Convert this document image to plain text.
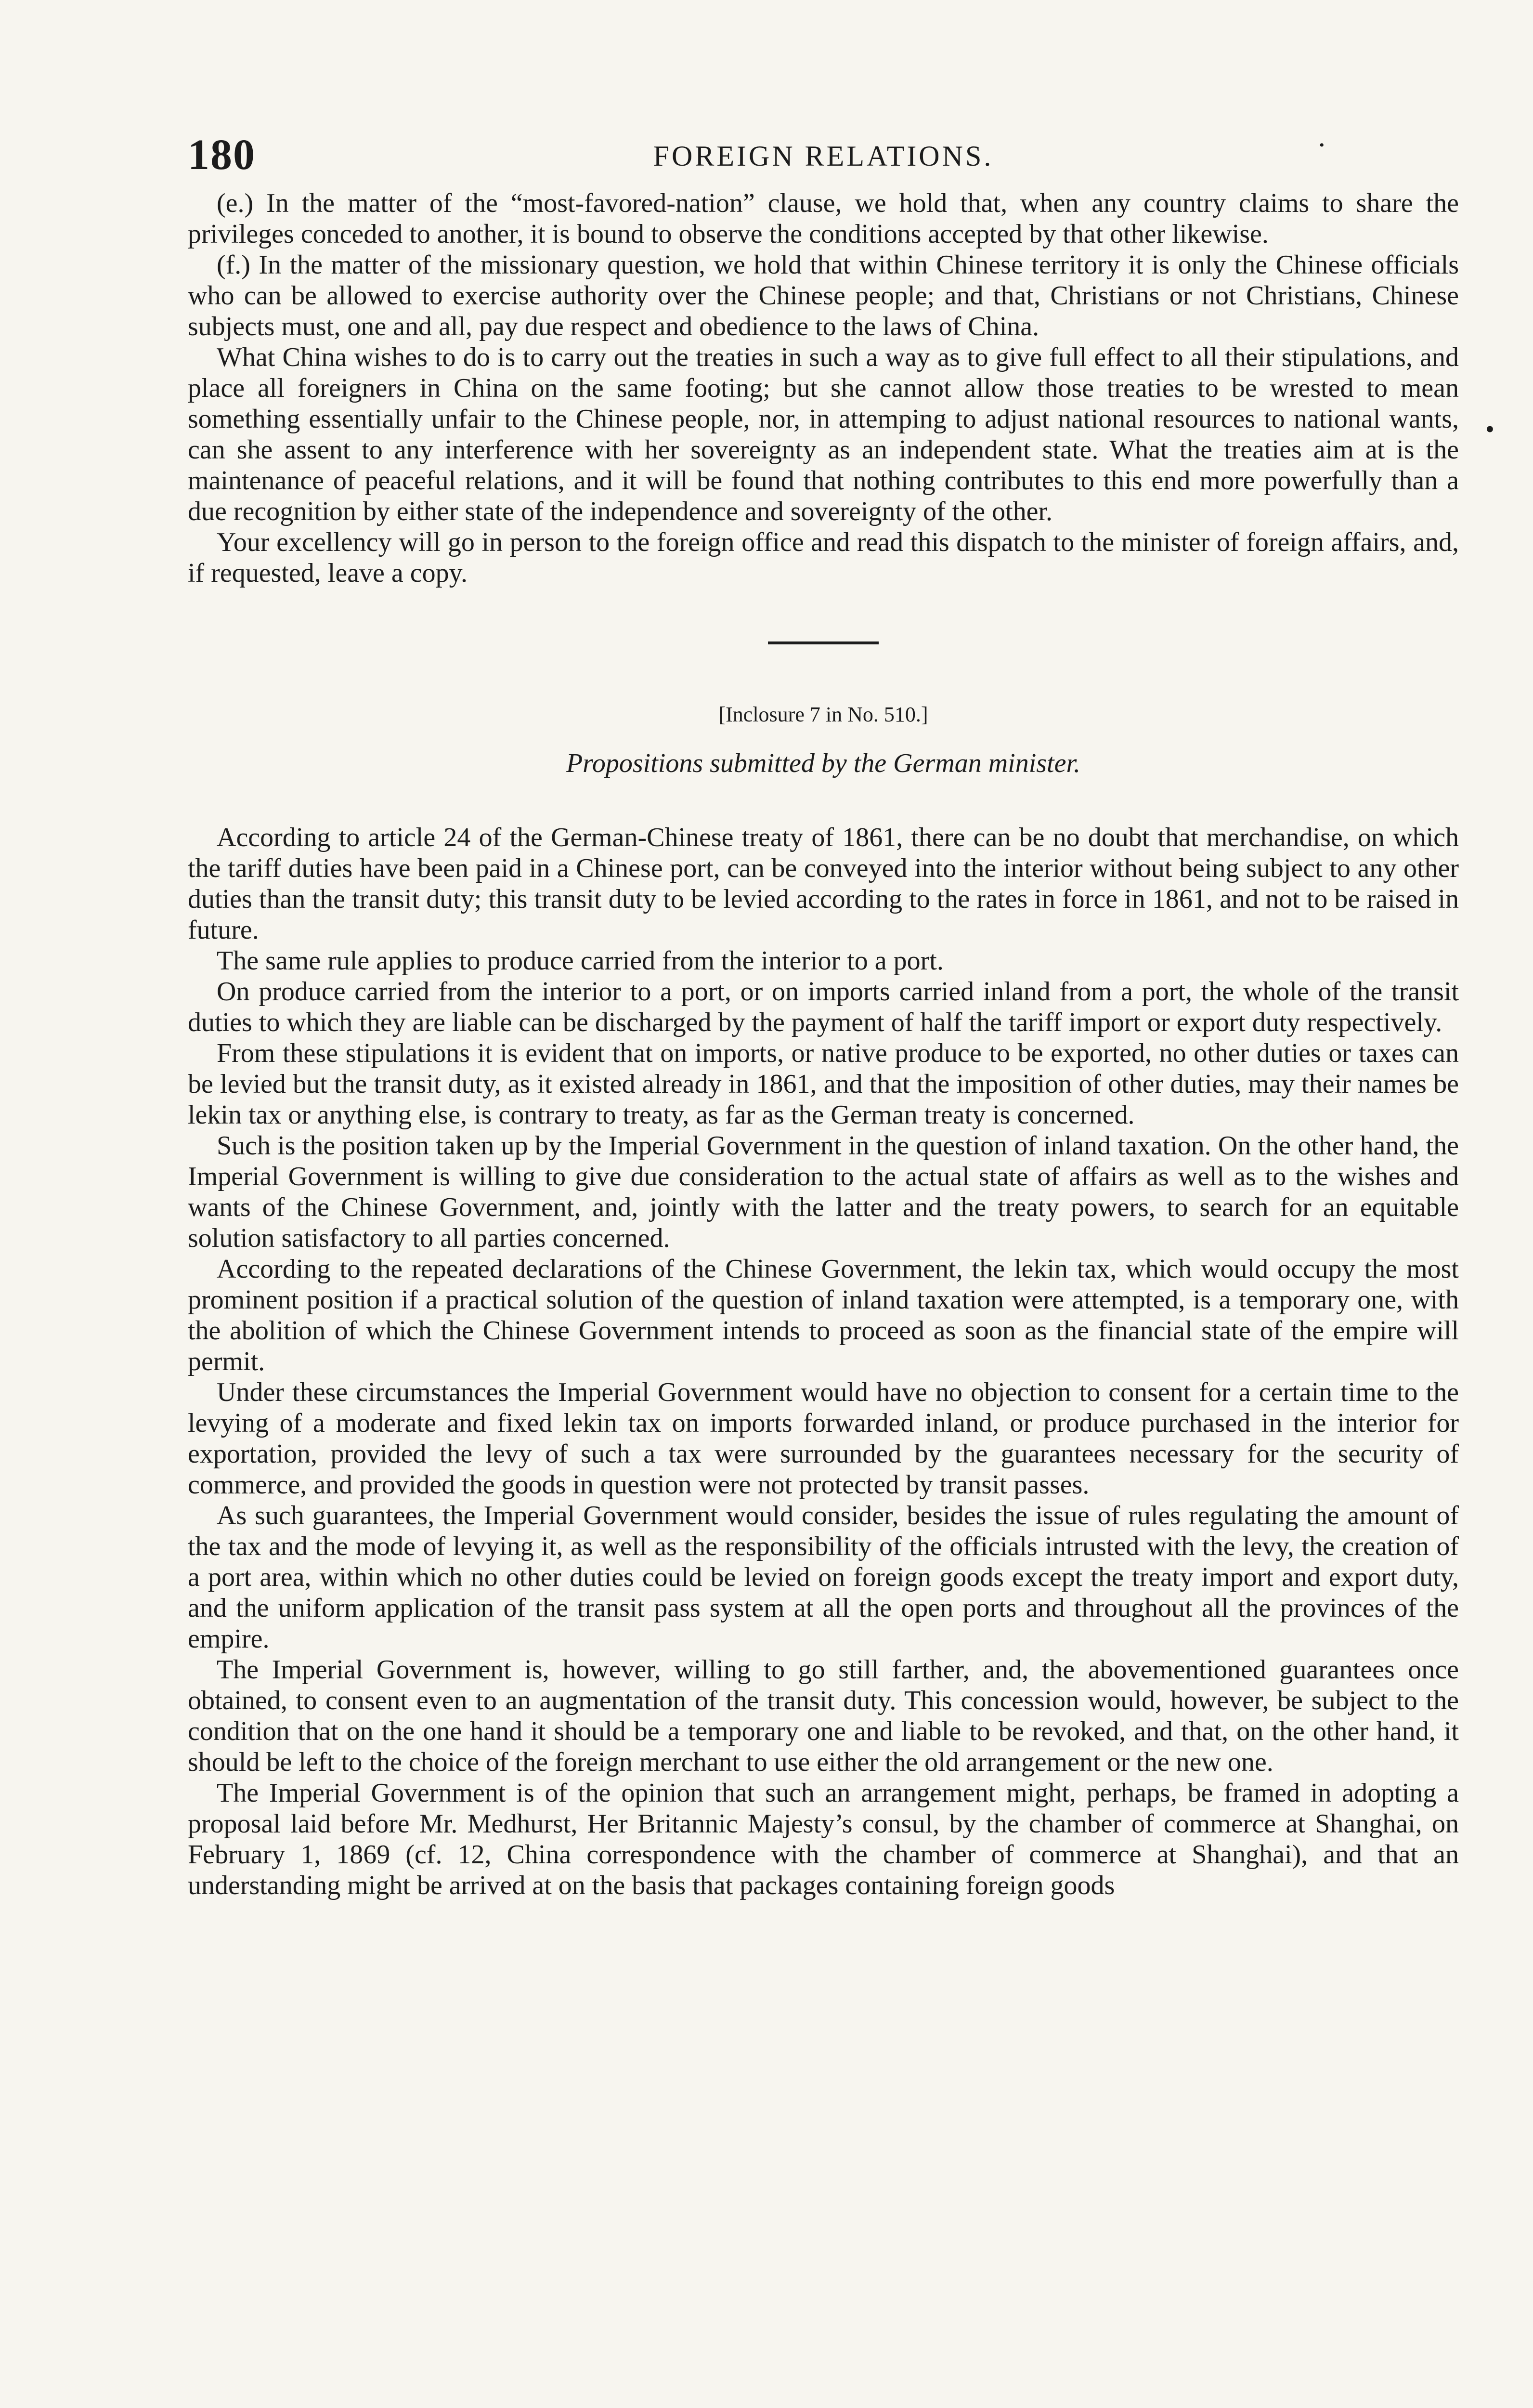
180	FOREIGN RELATIONS.

(e.) In the matter of the “most-favored-nation” clause, we hold that, when any country claims to share the privileges conceded to another, it is bound to observe the conditions accepted by that other likewise.

(f.) In the matter of the missionary question, we hold that within Chinese territory it is only the Chinese officials who can be allowed to exercise authority over the Chinese people; and that, Christians or not Christians, Chinese subjects must, one and all, pay due respect and obedience to the laws of China.

What China wishes to do is to carry out the treaties in such a way as to give full effect to all their stipulations, and place all foreigners in China on the same footing; but she cannot allow those treaties to be wrested to mean something essentially unfair to the Chinese people, nor, in attemping to adjust national resources to national wants, can she assent to any interference with her sovereignty as an independent state. What the treaties aim at is the maintenance of peaceful relations, and it will be found that nothing contributes to this end more powerfully than a due recognition by either state of the independence and sovereignty of the other.

Your excellency will go in person to the foreign office and read this dispatch to the minister of foreign affairs, and, if requested, leave a copy.

[Inclosure 7 in No. 510.]

Propositions submitted by the German minister.

According to article 24 of the German-Chinese treaty of 1861, there can be no doubt that merchandise, on which the tariff duties have been paid in a Chinese port, can be conveyed into the interior without being subject to any other duties than the transit duty; this transit duty to be levied according to the rates in force in 1861, and not to be raised in future.

The same rule applies to produce carried from the interior to a port.

On produce carried from the interior to a port, or on imports carried inland from a port, the whole of the transit duties to which they are liable can be discharged by the payment of half the tariff import or export duty respectively.

From these stipulations it is evident that on imports, or native produce to be exported, no other duties or taxes can be levied but the transit duty, as it existed already in 1861, and that the imposition of other duties, may their names be lekin tax or anything else, is contrary to treaty, as far as the German treaty is concerned.

Such is the position taken up by the Imperial Government in the question of inland taxation. On the other hand, the Imperial Government is willing to give due consideration to the actual state of affairs as well as to the wishes and wants of the Chinese Government, and, jointly with the latter and the treaty powers, to search for an equitable solution satisfactory to all parties concerned.

According to the repeated declarations of the Chinese Government, the lekin tax, which would occupy the most prominent position if a practical solution of the question of inland taxation were attempted, is a temporary one, with the abolition of which the Chinese Government intends to proceed as soon as the financial state of the empire will permit.

Under these circumstances the Imperial Government would have no objection to consent for a certain time to the levying of a moderate and fixed lekin tax on imports forwarded inland, or produce purchased in the interior for exportation, provided the levy of such a tax were surrounded by the guarantees necessary for the security of commerce, and provided the goods in question were not protected by transit passes.

As such guarantees, the Imperial Government would consider, besides the issue of rules regulating the amount of the tax and the mode of levying it, as well as the responsibility of the officials intrusted with the levy, the creation of a port area, within which no other duties could be levied on foreign goods except the treaty import and export duty, and the uniform application of the transit pass system at all the open ports and throughout all the provinces of the empire.

The Imperial Government is, however, willing to go still farther, and, the abovementioned guarantees once obtained, to consent even to an augmentation of the transit duty. This concession would, however, be subject to the condition that on the one hand it should be a temporary one and liable to be revoked, and that, on the other hand, it should be left to the choice of the foreign merchant to use either the old arrangement or the new one.

The Imperial Government is of the opinion that such an arrangement might, perhaps, be framed in adopting a proposal laid before Mr. Medhurst, Her Britannic Majesty’s consul, by the chamber of commerce at Shanghai, on February 1, 1869 (cf. 12, China correspondence with the chamber of commerce at Shanghai), and that an understanding might be arrived at on the basis that packages containing foreign goods

•
•
